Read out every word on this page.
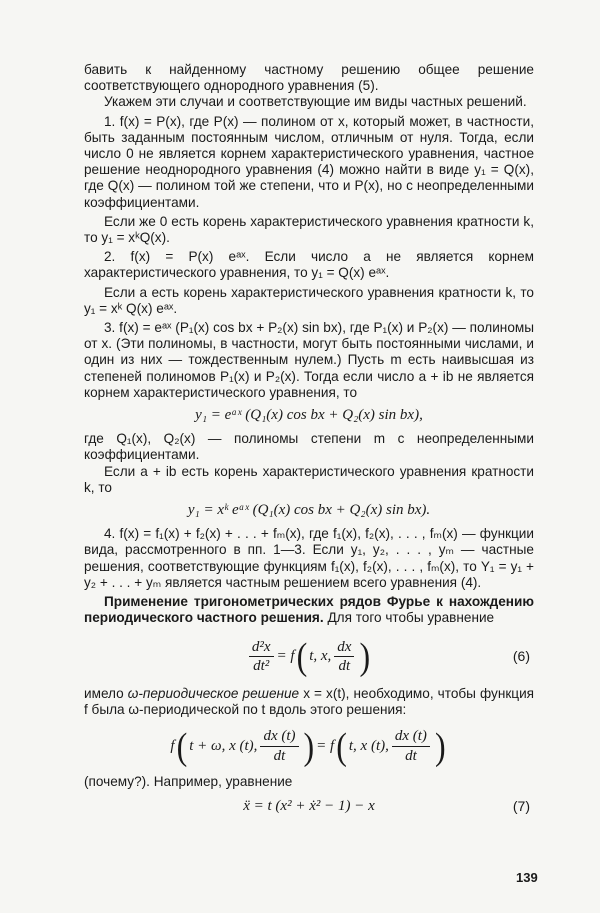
бавить к найденному частному решению общее решение соответствующего однородного уравнения (5).

Укажем эти случаи и соответствующие им виды частных решений.

1. f(x) = P(x), где P(x) — полином от x, который может, в частности, быть заданным постоянным числом, отличным от нуля. Тогда, если число 0 не является корнем характеристического уравнения, частное решение неоднородного уравнения (4) можно найти в виде y₁ = Q(x), где Q(x) — полином той же степени, что и P(x), но с неопределенными коэффициентами.

Если же 0 есть корень характеристического уравнения кратности k, то y₁ = xᵏQ(x).

2. f(x) = P(x) eᵃˣ. Если число a не является корнем характеристического уравнения, то y₁ = Q(x) eᵃˣ.

Если a есть корень характеристического уравнения кратности k, то y₁ = xᵏ Q(x) eᵃˣ.

3. f(x) = eᵃˣ (P₁(x) cos bx + P₂(x) sin bx), где P₁(x) и P₂(x) — полиномы от x. (Эти полиномы, в частности, могут быть постоянными числами, и один из них — тождественным нулем.) Пусть m есть наивысшая из степеней полиномов P₁(x) и P₂(x). Тогда если число a + ib не является корнем характеристического уравнения, то

y₁ = eᵃˣ (Q₁(x) cos bx + Q₂(x) sin bx),

где Q₁(x), Q₂(x) — полиномы степени m с неопределенными коэффициентами.

Если a + ib есть корень характеристического уравнения кратности k, то

y₁ = xᵏ eᵃˣ (Q₁(x) cos bx + Q₂(x) sin bx).

4. f(x) = f₁(x) + f₂(x) + . . . + fₘ(x), где f₁(x), f₂(x), . . . , fₘ(x) — функции вида, рассмотренного в пп. 1—3. Если y₁, y₂, . . . , yₘ — частные решения, соответствующие функциям f₁(x), f₂(x), . . . , fₘ(x), то Y₁ = y₁ + y₂ + . . . + yₘ является частным решением всего уравнения (4).

Применение тригонометрических рядов Фурье к нахождению периодического частного решения. Для того чтобы уравнение

$\frac{\text{d²x}}{\text{dt²}} = f$ ( t, x, $\frac{dx}{dt}$ )	(6)

имело ω-периодическое решение x = x(t), необходимо, чтобы функция f была ω-периодической по t вдоль этого решения:

f ( t + ω, x (t), $\frac{dx (t)}{dt}$ ) = f ( t, x (t), $\frac{dx (t)}{dt}$ )

(почему?). Например, уравнение

ẍ = t (x² + ẋ² − 1) − x	(7)
139
